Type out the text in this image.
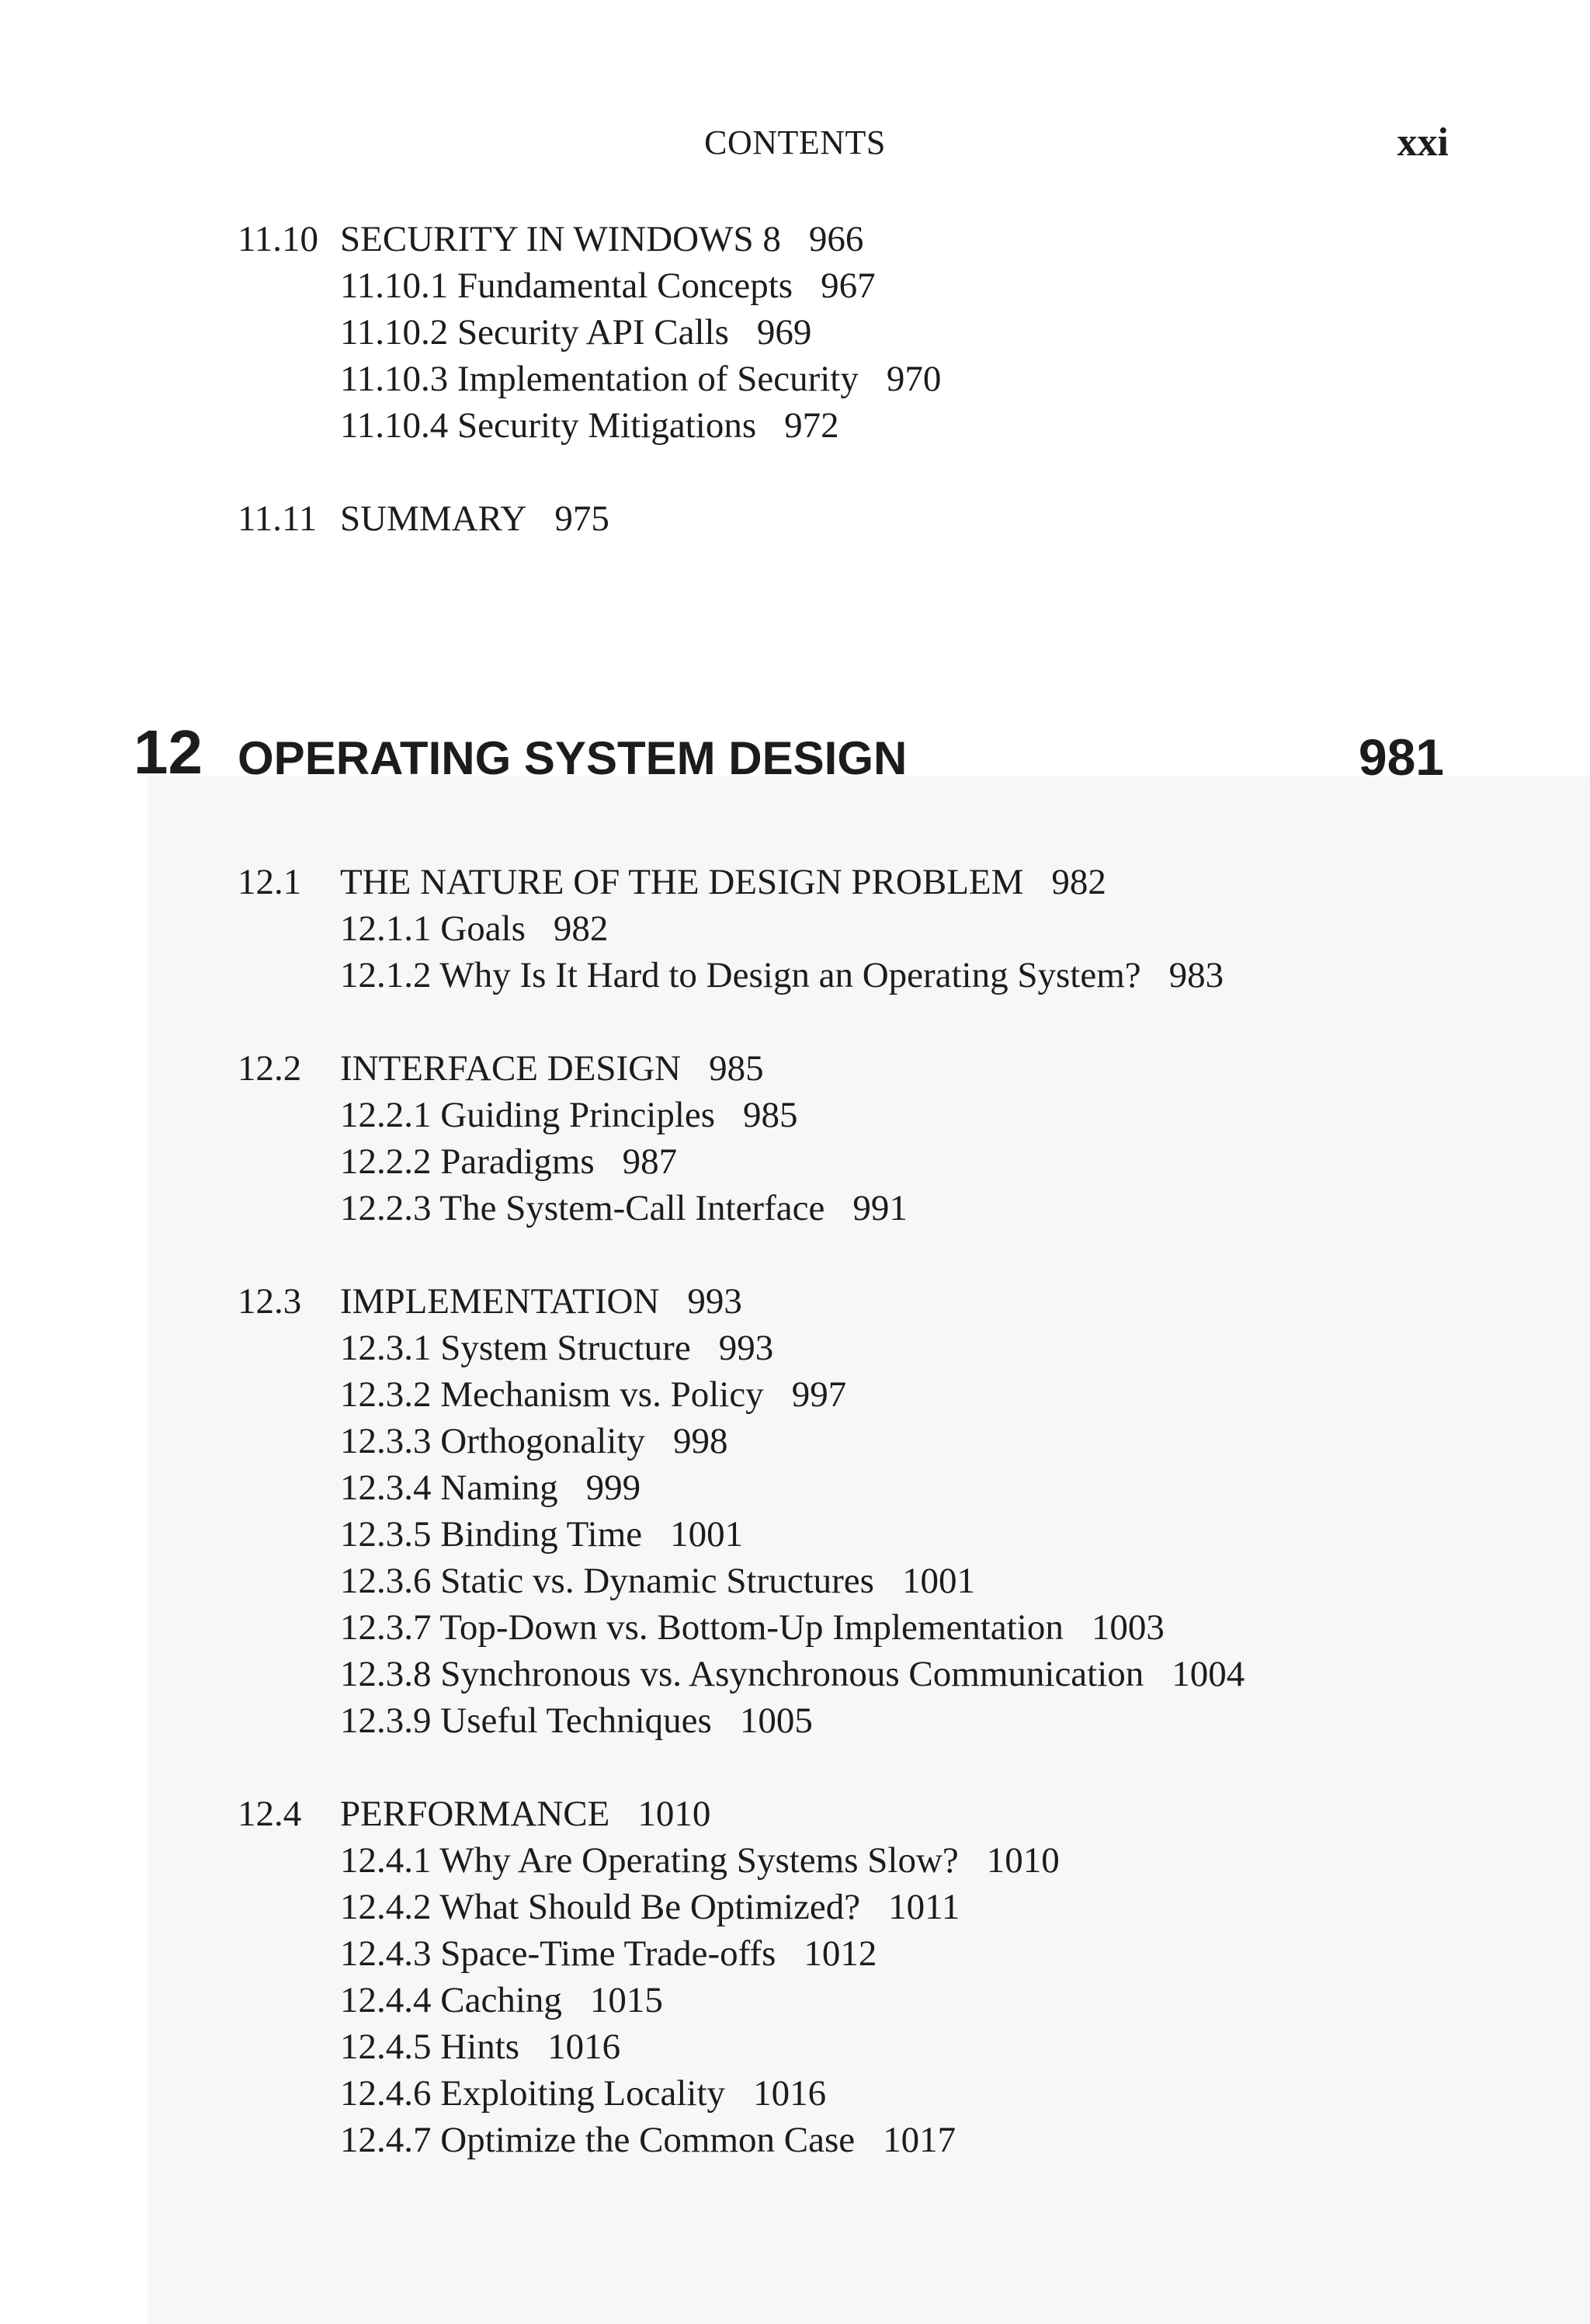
CONTENTS	xxi
12 OPERATING SYSTEM DESIGN	981
11.10 SECURITY IN WINDOWS 8 966
11.10.1 Fundamental Concepts 967
11.10.2 Security API Calls 969
11.10.3 Implementation of Security 970
11.10.4 Security Mitigations 972
11.11 SUMMARY 975
12.1 THE NATURE OF THE DESIGN PROBLEM 982
12.1.1 Goals 982
12.1.2 Why Is It Hard to Design an Operating System? 983
12.2 INTERFACE DESIGN 985
12.2.1 Guiding Principles 985
12.2.2 Paradigms 987
12.2.3 The System-Call Interface 991
12.3 IMPLEMENTATION 993
12.3.1 System Structure 993
12.3.2 Mechanism vs. Policy 997
12.3.3 Orthogonality 998
12.3.4 Naming 999
12.3.5 Binding Time 1001
12.3.6 Static vs. Dynamic Structures 1001
12.3.7 Top-Down vs. Bottom-Up Implementation 1003
12.3.8 Synchronous vs. Asynchronous Communication 1004
12.3.9 Useful Techniques 1005
12.4 PERFORMANCE 1010
12.4.1 Why Are Operating Systems Slow? 1010
12.4.2 What Should Be Optimized? 1011
12.4.3 Space-Time Trade-offs 1012
12.4.4 Caching 1015
12.4.5 Hints 1016
12.4.6 Exploiting Locality 1016
12.4.7 Optimize the Common Case 1017
